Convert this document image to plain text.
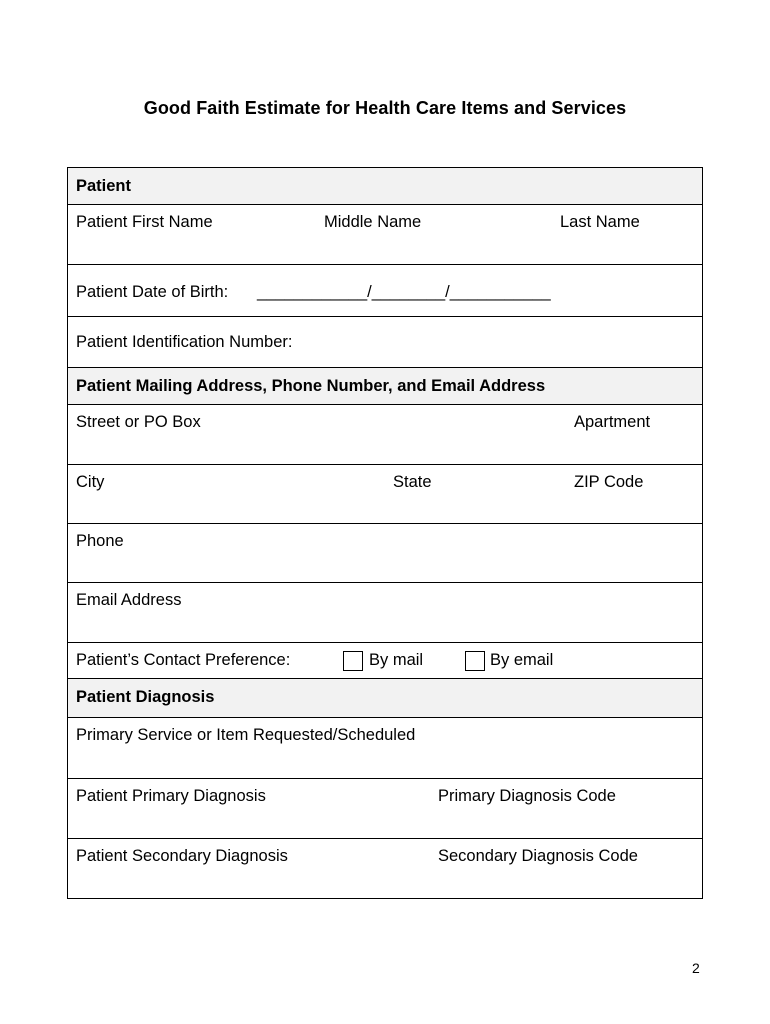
Good Faith Estimate for Health Care Items and Services
Patient
Patient First Name	Middle Name	Last Name
Patient Date of Birth: ____________/________/___________
Patient Identification Number:
Patient Mailing Address, Phone Number, and Email Address
Street or PO Box	Apartment
City	State	ZIP Code
Phone
Email Address
Patient’s Contact Preference:	By mail	By email
Patient Diagnosis
Primary Service or Item Requested/Scheduled
Patient Primary Diagnosis	Primary Diagnosis Code
Patient Secondary Diagnosis	Secondary Diagnosis Code
2
